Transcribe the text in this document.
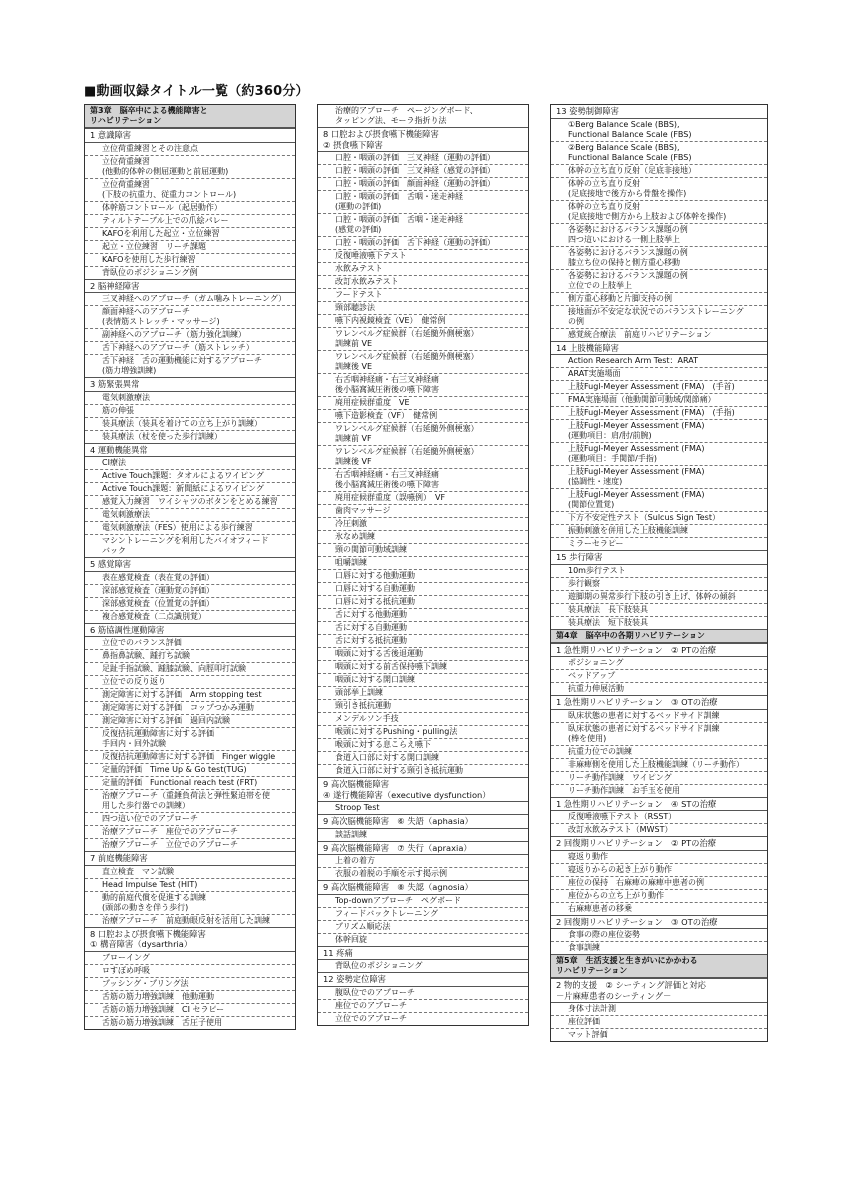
■動画収録タイトル一覧（約360分）
第3章　脳卒中による機能障害と
リハビリテーション
1 意識障害
立位荷重練習とその注意点
立位荷重練習
(他動的体幹の側屈運動と前屈運動)
立位荷重練習
(下肢の抗重力、従重力コントロール)
体幹筋コントロール（起居動作）
ティルトテーブル上での爪絵パレー
KAFOを利用した起立・立位練習
起立・立位練習　リーチ課題
KAFOを使用した歩行練習
背臥位のポジショニング例
2 脳神経障害
三叉神経へのアプローチ（ガム噛みトレーニング）
顔面神経へのアプローチ
(表情筋ストレッチ・マッサージ)
副神経へのアプローチ（筋力強化訓練）
舌下神経へのアプローチ（筋ストレッチ）
舌下神経　舌の運動機能に対するアプローチ
(筋力増強訓練)
3 筋緊張異常
電気刺激療法
筋の伸張
装具療法（装具を着けての立ち上がり訓練）
装具療法（杖を使った歩行訓練）
4 運動機能異常
CI療法
Active Touch課題：タオルによるワイピング
Active Touch課題：新聞紙によるワイピング
感覚入力練習　ワイシャツのボタンをとめる練習
電気刺激療法
電気刺激療法（FES）使用による歩行練習
マシントレーニングを利用したバイオフィード
バック
5 感覚障害
表在感覚検査（表在覚の評価）
深部感覚検査（運動覚の評価）
深部感覚検査（位置覚の評価）
複合感覚検査（二点識別覚）
6 筋協調性運動障害
立位でのバランス評価
鼻指鼻試験、踵打ち試験
足趾手指試験、踵膝試験、向脛叩打試験
立位での反り返り
測定障害に対する評価　Arm stopping test
測定障害に対する評価　コップつかみ運動
測定障害に対する評価　過回内試験
反復拮抗運動障害に対する評価
手回内・回外試験
反復拮抗運動障害に対する評価　Finger wiggle
定量的評価　Time Up & Go test(TUG)
定量的評価　Functional reach test (FRT)
治療アプローチ（重錘負荷法と弾性緊迫帯を使
用した歩行器での訓練）
四つ這い位でのアプローチ
治療アプローチ　座位でのアプローチ
治療アプローチ　立位でのアプローチ
7 前庭機能障害
直立検査　マン試験
Head Impulse Test (HIT)
動的前庭代償を促進する訓練
(頭部の動きを伴う歩行)
治療アプローチ　前庭動眼反射を活用した訓練
8 口腔および摂食嚥下機能障害
① 構音障害（dysarthria）
ブローイング
ロすぼめ呼吸
プッシング・プリング法
舌筋の筋力増強訓練　他動運動
舌筋の筋力増強訓練　CI セラピー
舌筋の筋力増強訓練　舌圧子使用
治療的アプローチ　ページングボード、
タッピング法、モーラ指折り法
8 口腔および摂食嚥下機能障害
② 摂食嚥下障害
口腔・咽頭の評価　三叉神経（運動の評価）
口腔・咽頭の評価　三叉神経（感覚の評価）
口腔・咽頭の評価　顔面神経（運動の評価）
口腔・咽頭の評価　舌咽・迷走神経
(運動の評価)
口腔・咽頭の評価　舌咽・迷走神経
(感覚の評価)
口腔・咽頭の評価　舌下神経（運動の評価）
反復唾液嚥下テスト
水飲みテスト
改訂水飲みテスト
フードテスト
頸部聴診法
嚥下内視鏡検査（VE）　健常例
ワレンベルグ症候群（右延髄外側梗塞）
訓練前 VE
ワレンベルグ症候群（右延髄外側梗塞）
訓練後 VE
右舌咽神経痛・右三叉神経痛
後小脳窩減圧術後の嚥下障害
廃用症候群重度　VE
嚥下造影検査（VF）　健常例
ワレンベルグ症候群（右延髄外側梗塞）
訓練前 VF
ワレンベルグ症候群（右延髄外側梗塞）
訓練後 VF
右舌咽神経痛・右三叉神経痛
後小脳窩減圧術後の嚥下障害
廃用症候群重度（誤嚥例）　VF
歯肉マッサージ
冷圧刺激
氷なめ訓練
頸の関節可動域訓練
咀嚼訓練
口唇に対する他動運動
口唇に対する自動運動
口唇に対する抵抗運動
舌に対する他動運動
舌に対する自動運動
舌に対する抵抗運動
咽頭に対する舌後退運動
咽頭に対する前舌保持嚥下訓練
咽頭に対する開口訓練
頭部挙上訓練
頸引き抵抗運動
メンデルソン手技
喉頭に対するPushing・pulling法
喉頭に対する息こらえ嚥下
食道入口部に対する開口訓練
食道入口部に対する頸引き抵抗運動
9 高次脳機能障害
④ 遂行機能障害（executive dysfunction）
Stroop Test
9 高次脳機能障害　⑥ 失語（aphasia）
談話訓練
9 高次脳機能障害　⑦ 失行（apraxia）
上着の着方
衣服の着脱の手順を示す掲示例
9 高次脳機能障害　⑧ 失認（agnosia）
Top-downアプローチ　ペグボード
フィードバックトレーニング
プリズム順応法
体幹回旋
11 疼痛
背臥位のポジショニング
12 姿勢定位障害
腹臥位でのアプローチ
座位でのアプローチ
立位でのアプローチ
13 姿勢制御障害
①Berg Balance Scale (BBS),
Functional Balance Scale (FBS)
②Berg Balance Scale (BBS),
Functional Balance Scale (FBS)
体幹の立ち直り反射（足底非接地）
体幹の立ち直り反射
(足底接地で後方から骨盤を操作)
体幹の立ち直り反射
(足底接地で側方から上肢および体幹を操作)
各姿勢におけるバランス課題の例
四つ這いにおける一側上肢挙上
各姿勢におけるバランス課題の例
膝立ち位の保持と側方重心移動
各姿勢におけるバランス課題の例
立位での上肢挙上
側方重心移動と片脚支持の例
接地面が不安定な状況でのバランストレーニング
の例
感覚統合療法　前庭リハビリテーション
14 上肢機能障害
Action Research Arm Test：ARAT
ARAT実施場面
上肢Fugl-Meyer Assessment (FMA)　(手首)
FMA実施場面（他動関節可動域/関節痛）
上肢Fugl-Meyer Assessment (FMA)　(手指)
上肢Fugl-Meyer Assessment (FMA)
(運動項目：肩/肘/前腕)
上肢Fugl-Meyer Assessment (FMA)
(運動項目：手関節/手指)
上肢Fugl-Meyer Assessment (FMA)
(協調性・速度)
上肢Fugl-Meyer Assessment (FMA)
(関節位置覚)
下方不安定性テスト（Sulcus Sign Test）
振動刺激を併用した上肢機能訓練
ミラーセラピー
15 歩行障害
10m歩行テスト
歩行観察
遊脚期の異常歩行下肢の引き上げ、体幹の傾斜
装具療法　長下肢装具
装具療法　短下肢装具
第4章　脳卒中の各期リハビリテーション
1 急性期リハビリテーション　② PTの治療
ポジショニング
ベッドアップ
抗重力伸展活動
1 急性期リハビリテーション　③ OTの治療
臥床状態の患者に対するベッドサイド訓練
臥床状態の患者に対するベッドサイド訓練
(棒を使用)
抗重力位での訓練
非麻痺側を使用した上肢機能訓練（リーチ動作）
リーチ動作訓練　ワイピング
リーチ動作訓練　お手玉を使用
1 急性期リハビリテーション　④ STの治療
反復唾液嚥下テスト（RSST）
改訂水飲みテスト（MWST）
2 回復期リハビリテーション　② PTの治療
寝返り動作
寝返りからの起き上がり動作
座位の保持　右麻痺の麻痺中患者の例
座位からの立ち上がり動作
右麻痺患者の移乗
2 回復期リハビリテーション　③ OTの治療
食事の際の座位姿勢
食事訓練
第5章　生活支援と生きがいにかかわる
リハビリテーション
2 物的支援　② シーティング評価と対応
－片麻痺患者のシーティング－
身体寸法計測
座位評価
マット評価
